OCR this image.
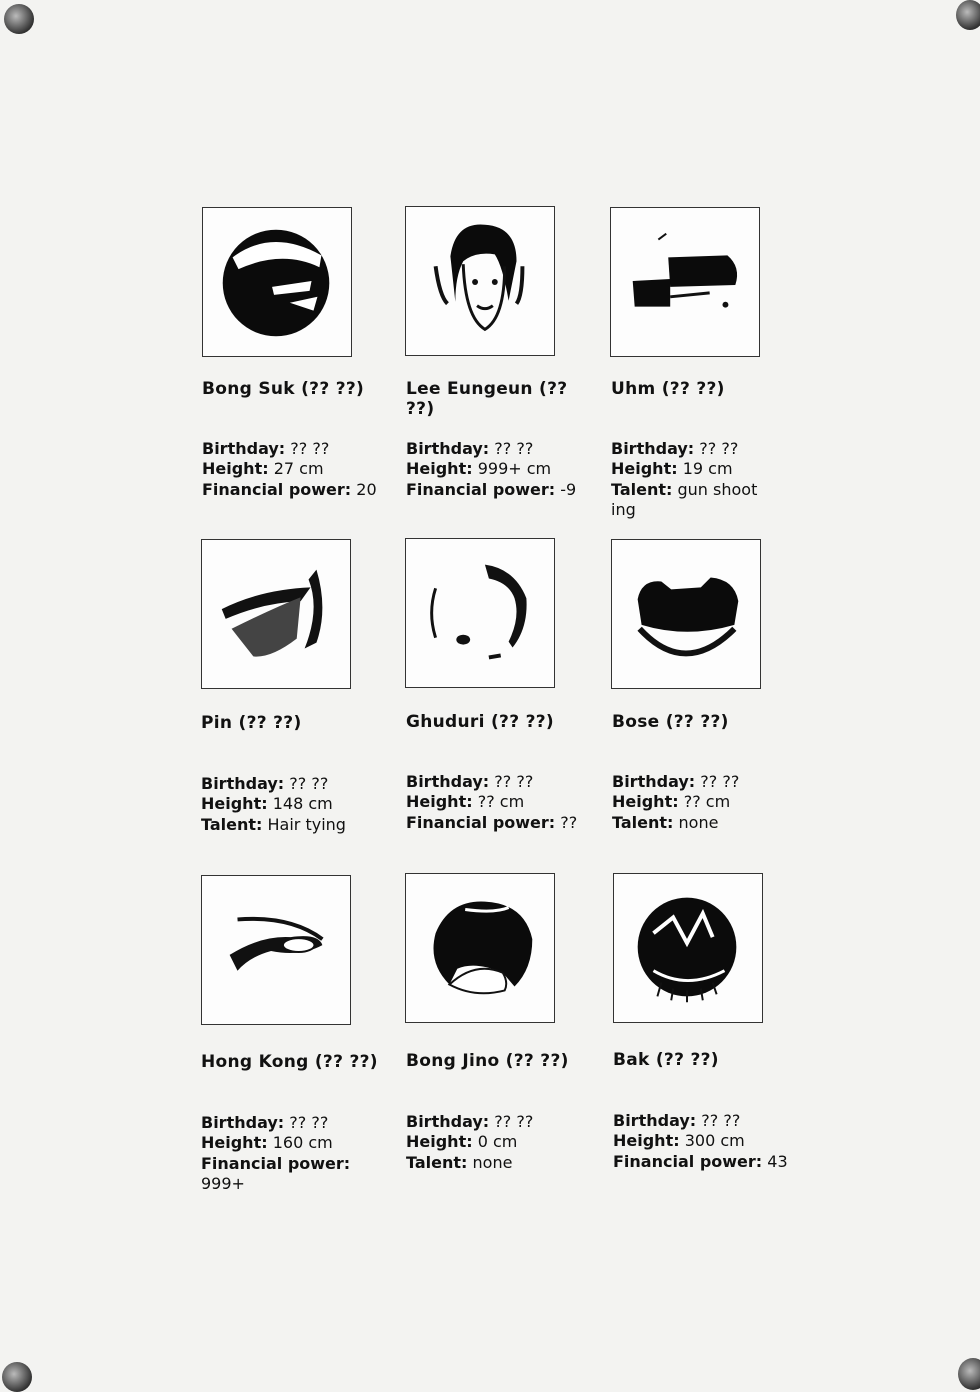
Bong Suk (?? ??)
Birthday: ?? ??
Height: 27 cm
Financial power: 20
Lee Eungeun (?? ??)
Birthday: ?? ??
Height: 999+ cm
Financial power: -9
Uhm (?? ??)
Birthday: ?? ??
Height: 19 cm
Talent: gun shoot ing
Pin (?? ??)
Birthday: ?? ??
Height: 148 cm
Talent: Hair tying
Ghuduri (?? ??)
Birthday: ?? ??
Height: ?? cm
Financial power: ??
Bose (?? ??)
Birthday: ?? ??
Height: ?? cm
Talent: none
Hong Kong (?? ??)
Birthday: ?? ??
Height: 160 cm
Financial power: 999+
Bong Jino (?? ??)
Birthday: ?? ??
Height: 0 cm
Talent: none
Bak (?? ??)
Birthday: ?? ??
Height: 300 cm
Financial power: 43
